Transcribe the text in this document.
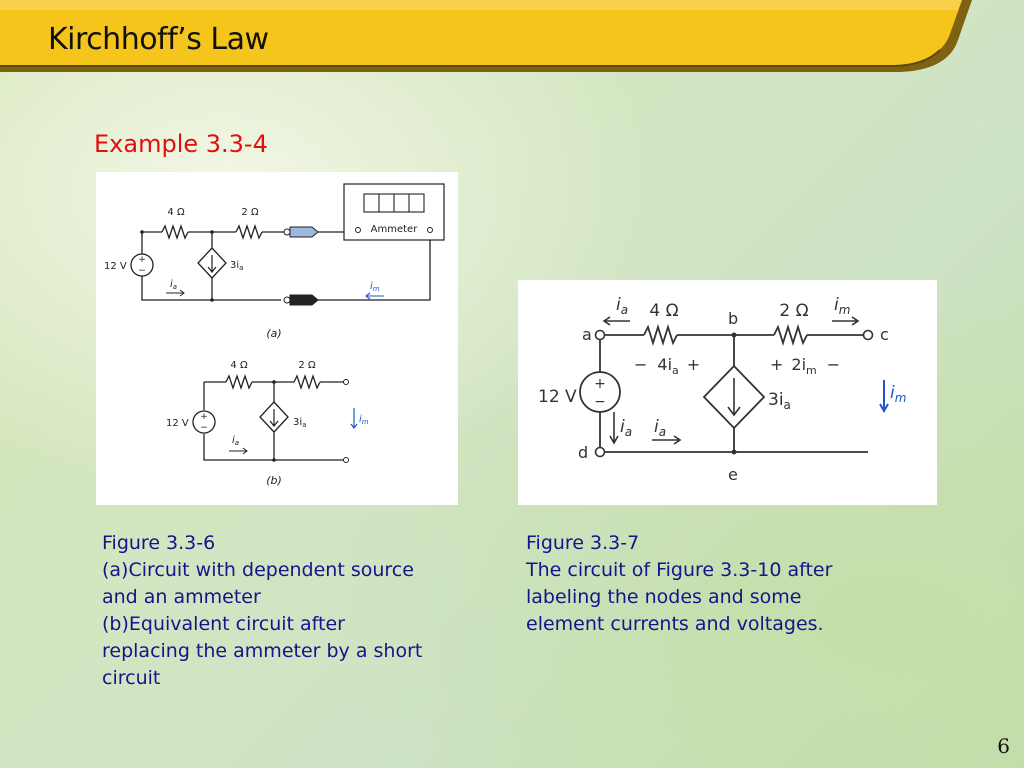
Kirchhoff’s Law
Example 3.3-4
+
−
Ammeter
4 Ω	2 Ω
12 V	$3i_a$
$i_a$	$i_m$
(a)
+
−
4 Ω	2 Ω
12 V	$3i_a$
$i_a$
$i_m$
(b)
+
−
a
b
c
d
e
4 Ω	2 Ω
12 V	$3i_a$
− $4i_a$ +	+ $2i_m$ −
$i_a$	$i_m$
$i_a$ $i_a$
$i_m$
Figure 3.3-6
(a)Circuit with dependent source
and an ammeter
(b)Equivalent circuit after
replacing the ammeter by a short
circuit
Figure 3.3-7
The circuit of Figure 3.3-10 after
labeling the nodes and some
element currents and voltages.
6
